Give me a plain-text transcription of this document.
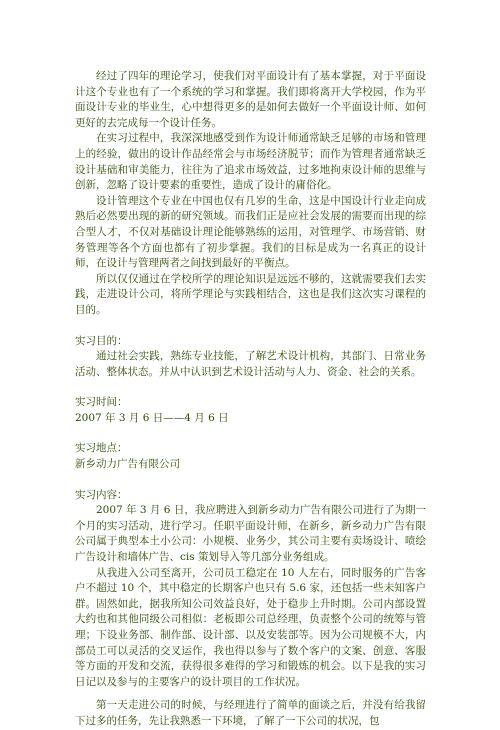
经过了四年的理论学习，使我们对平面设计有了基本掌握，对于平面设计这个专业也有了一个系统的学习和掌握。我们即将离开大学校园，作为平面设计专业的毕业生，心中想得更多的是如何去做好一个平面设计师、如何更好的去完成每一个设计任务。

在实习过程中，我深深地感受到作为设计师通常缺乏足够的市场和管理上的经验，做出的设计作品经常会与市场经济脱节；而作为管理者通常缺乏设计基础和审美能力，往往为了追求市场效益，过多地拘束设计师的思维与创新，忽略了设计要素的重要性，造成了设计的庸俗化。

设计管理这个专业在中国也仅有几岁的生命，这是中国设计行业走向成熟后必然要出现的新的研究领域。而我们正是应社会发展的需要而出现的综合型人才，不仅对基础设计理论能够熟练的运用，对管理学、市场营销、财务管理等各个方面也都有了初步掌握。我们的目标是成为一名真正的设计师，在设计与管理两者之间找到最好的平衡点。

所以仅仅通过在学校所学的理论知识是远远不够的，这就需要我们去实践，走进设计公司，将所学理论与实践相结合，这也是我们这次实习课程的目的。

实习目的：

通过社会实践，熟练专业技能，了解艺术设计机构，其部门、日常业务活动、整体状态。并从中认识到艺术设计活动与人力、资金、社会的关系。

实习时间：

2007 年 3 月 6 日——4 月 6 日

实习地点：

新乡动力广告有限公司

实习内容：

2007 年 3 月 6 日，我应聘进入到新乡动力广告有限公司进行了为期一个月的实习活动，进行学习。任职平面设计师，在新乡，新乡动力广告有限公司属于典型本土小公司：小规模、业务少，其公司主要有卖场设计、喷绘广告设计和墙体广告、cis 策划导入等几部分业务组成。

从我进入公司至离开，公司员工稳定在 10 人左右，同时服务的广告客户不超过 10 个，其中稳定的长期客户也只有 5.6 家，还包括一些未知客户群。固然如此，据我所知公司效益良好，处于稳步上升时期。公司内部设置大约也和其他同级公司相似：老板即公司总经理，负责整个公司的统筹与管理；下设业务部、制作部、设计部、以及安装部等。因为公司规模不大，内部员工可以灵活的交叉运作，我也得以参与了数个客户的文案、创意、客服等方面的开发和交流，获得很多难得的学习和锻炼的机会。以下是我的实习日记以及参与的主要客户的设计项目的工作状况。

第一天走进公司的时候，与经理进行了简单的面谈之后，并没有给我留下过多的任务，先让我熟悉一下环境，了解了一下公司的状况，包
